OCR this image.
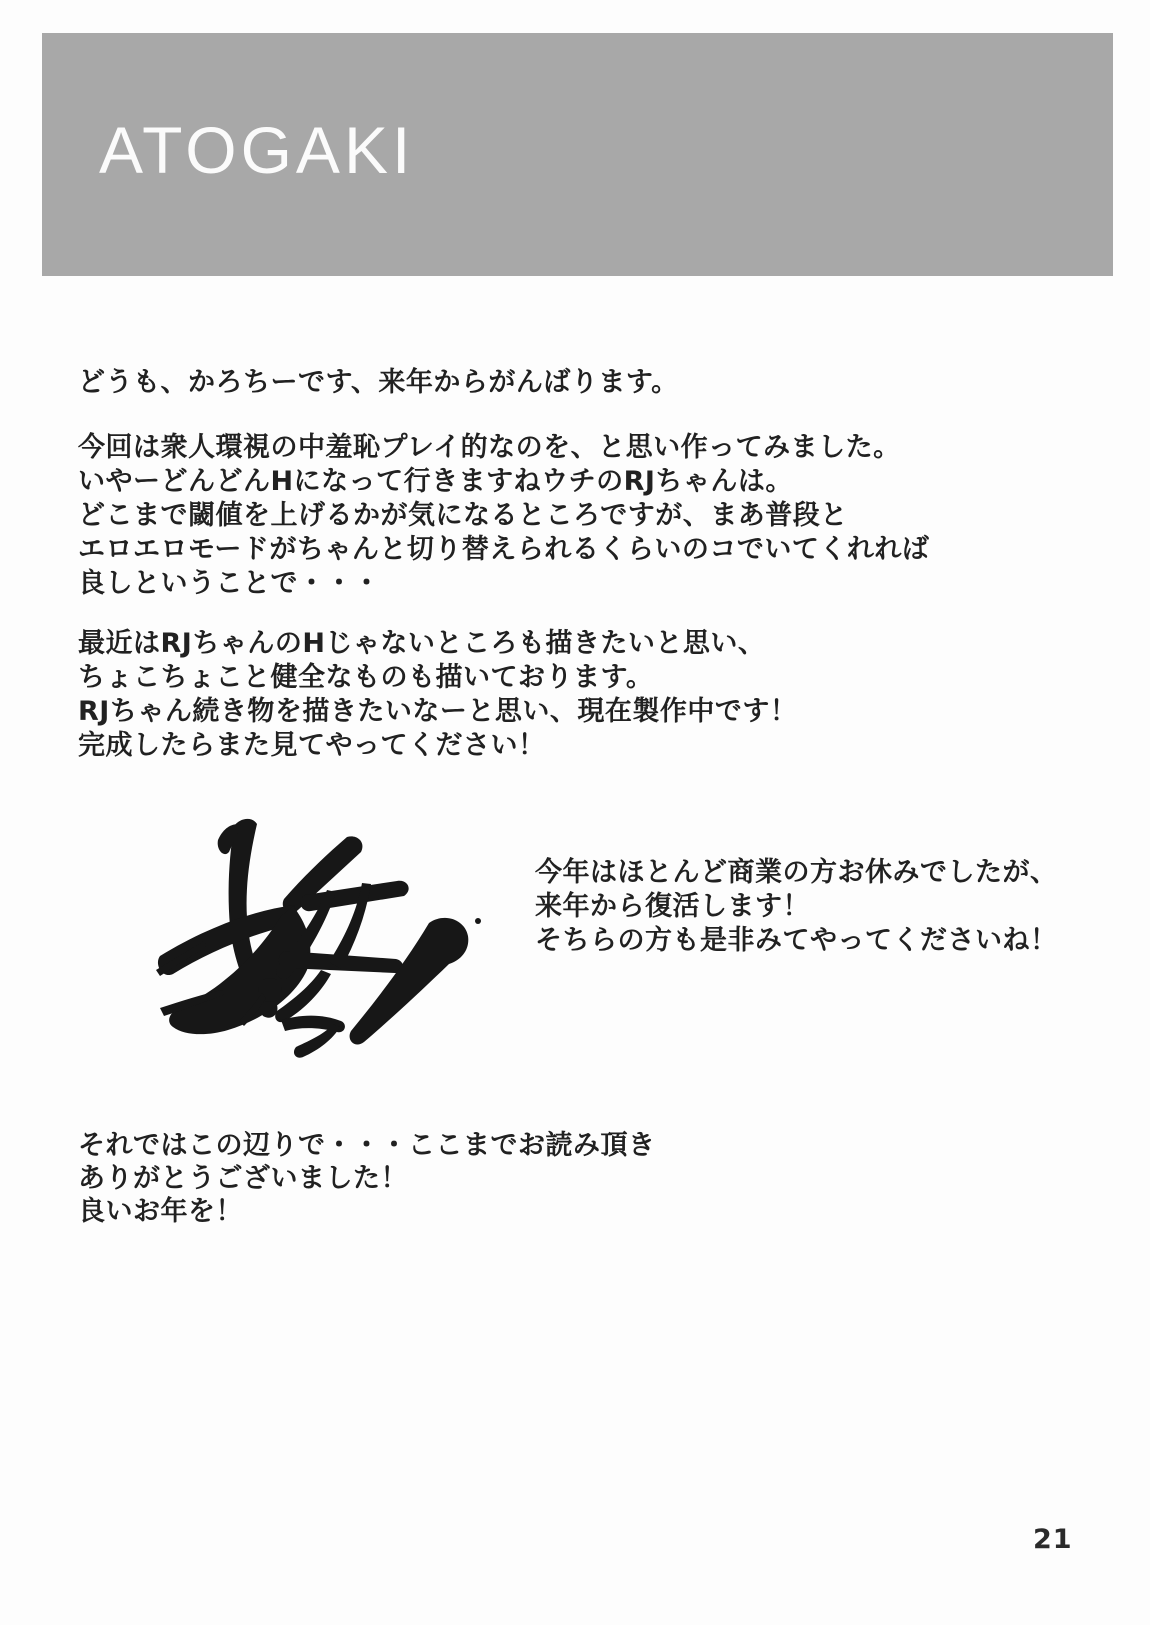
ATOGAKI
どうも、かろちーです、来年からがんばります。
今回は衆人環視の中羞恥プレイ的なのを、と思い作ってみました。
いやーどんどんHになって行きますねウチのRJちゃんは。
どこまで閾値を上げるかが気になるところですが、まあ普段と
エロエロモードがちゃんと切り替えられるくらいのコでいてくれれば
良しということで・・・
最近はRJちゃんのHじゃないところも描きたいと思い、
ちょこちょこと健全なものも描いております。
RJちゃん続き物を描きたいなーと思い、現在製作中です！
完成したらまた見てやってください！
今年はほとんど商業の方お休みでしたが、
来年から復活します！
そちらの方も是非みてやってくださいね！
それではこの辺りで・・・ここまでお読み頂き
ありがとうございました！
良いお年を！
21
